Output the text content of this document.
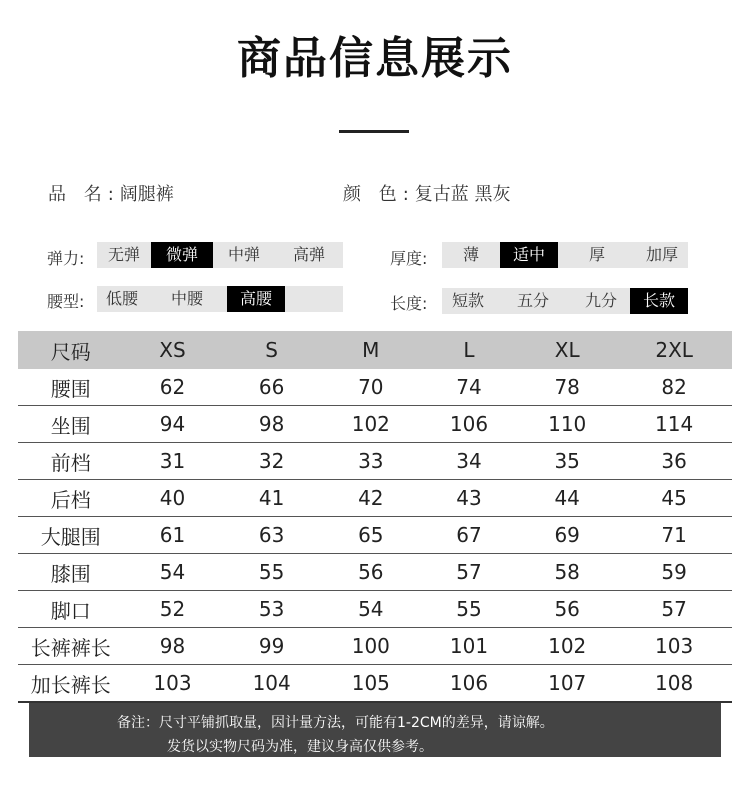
商品信息展示
品 名:阔腿裤	颜 色:复古蓝 黑灰
弹力:	无弹	微弹	中弹	高弹	厚度:	薄	适中	厚	加厚
腰型:	低腰	中腰	高腰	长度:	短款	五分	九分	长款
尺码	XS	S	M	L	XL	2XL
腰围	62	66	70	74	78	82
坐围	94	98	102	106	110	114
前档	31	32	33	34	35	36
后档	40	41	42	43	44	45
大腿围	61	63	65	67	69	71
膝围	54	55	56	57	58	59
脚口	52	53	54	55	56	57
长裤裤长	98	99	100	101	102	103
加长裤长	103	104	105	106	107	108
备注：尺寸平铺抓取量，因计量方法，可能有1-2CM的差异，请谅解。
发货以实物尺码为准，建议身高仅供参考。
